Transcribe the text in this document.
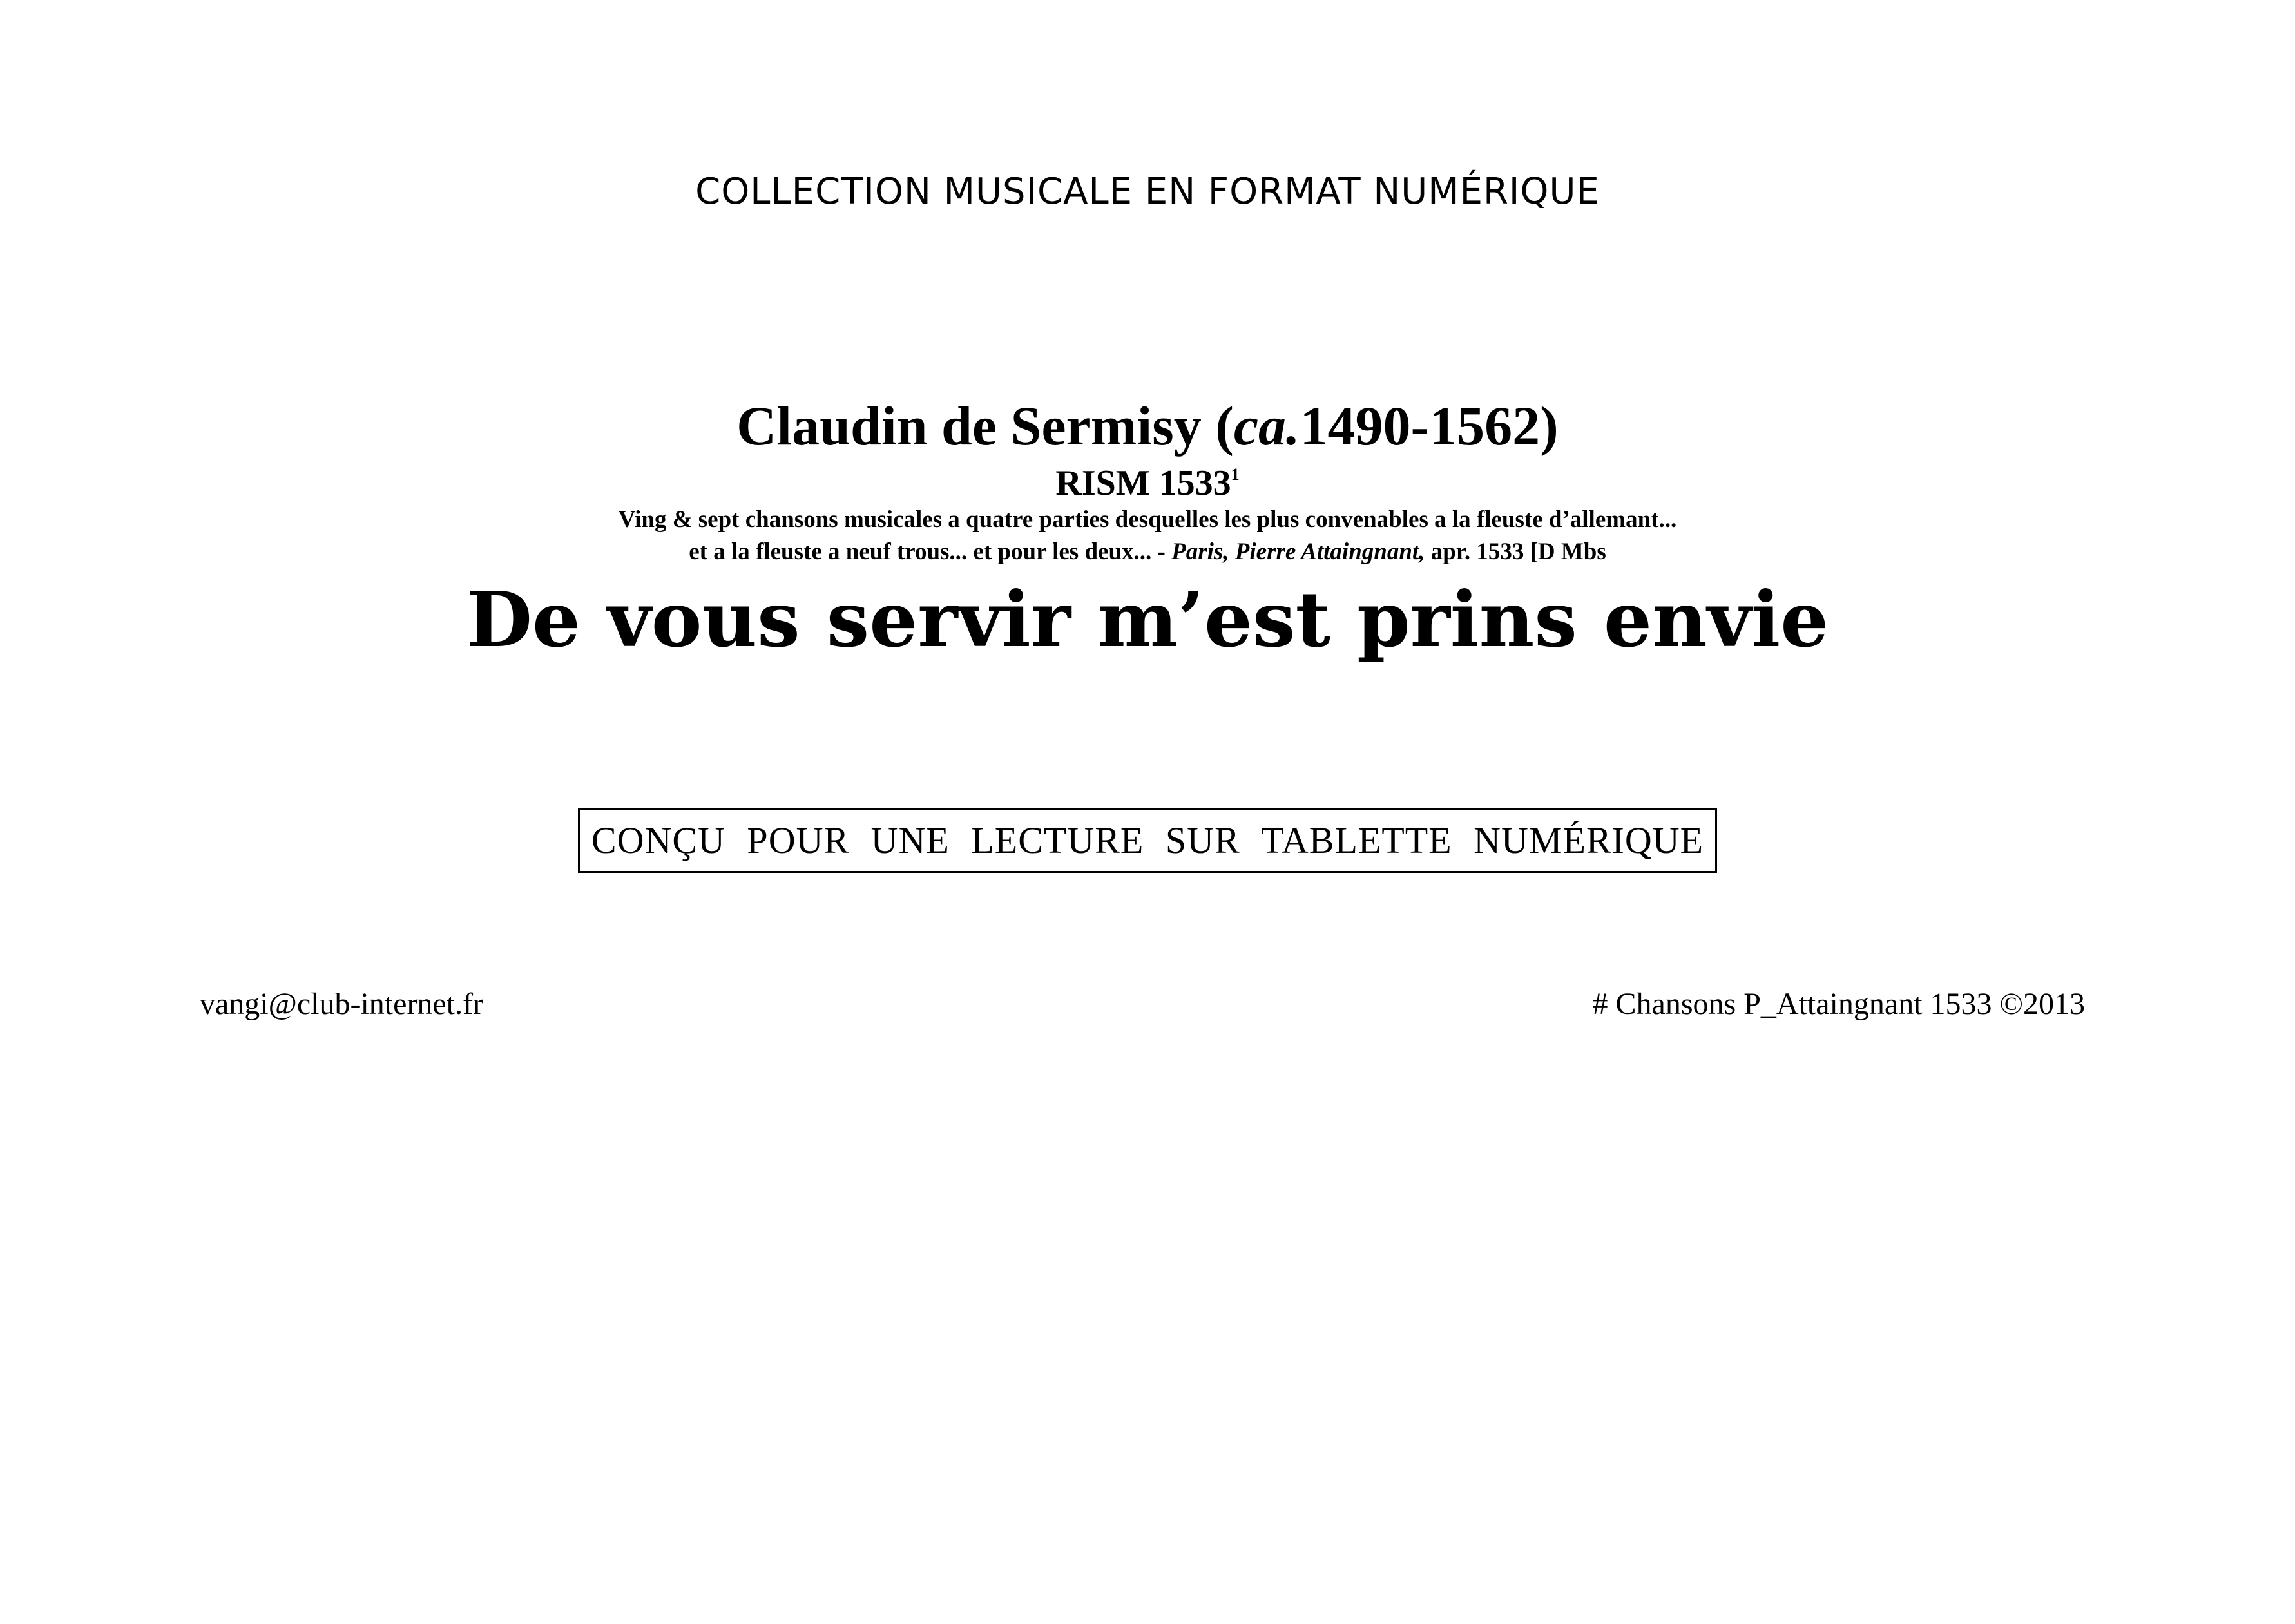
COLLECTION MUSICALE EN FORMAT NUMÉRIQUE
Claudin de Sermisy (ca.1490-1562)
RISM 1533$^1$
Ving & sept chansons musicales a quatre parties desquelles les plus convenables a la fleuste d’allemant...
et a la fleuste a neuf trous... et pour les deux... - Paris, Pierre Attaingnant, apr. 1533 [D Mbs
De vous servir m’est prins envie
CONÇU POUR UNE LECTURE SUR TABLETTE NUMÉRIQUE
vangi@club-internet.fr	# Chansons P_Attaingnant 1533 ©2013
